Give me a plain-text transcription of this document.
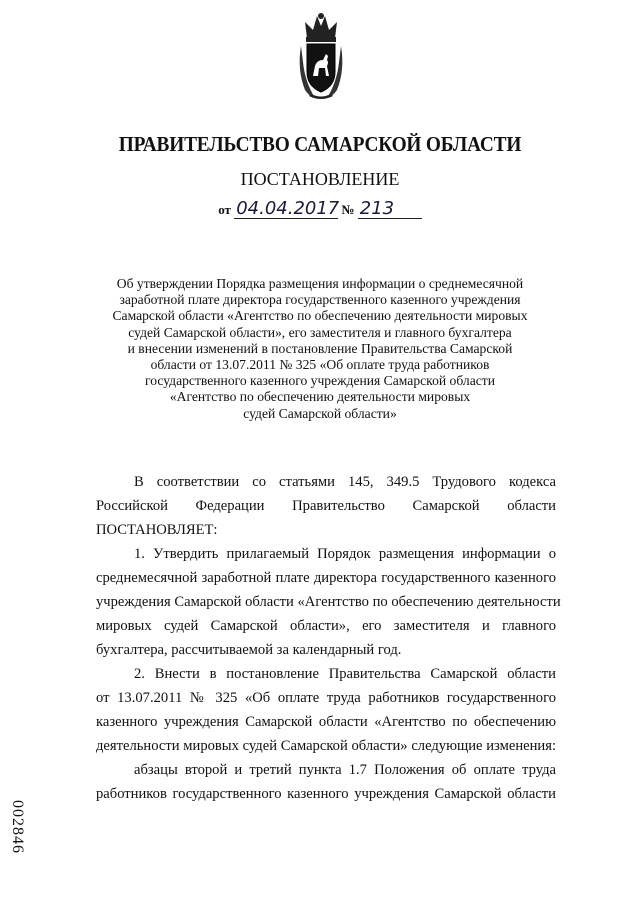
ПРАВИТЕЛЬСТВО САМАРСКОЙ ОБЛАСТИ
ПОСТАНОВЛЕНИЕ
от 04.04.2017 № 213
Об утверждении Порядка размещения информации о среднемесячной
заработной плате директора государственного казенного учреждения
Самарской области «Агентство по обеспечению деятельности мировых
судей Самарской области», его заместителя и главного бухгалтера
и внесении изменений в постановление Правительства Самарской
области от 13.07.2011 № 325 «Об оплате труда работников
государственного казенного учреждения Самарской области
«Агентство по обеспечению деятельности мировых
судей Самарской области»
В соответствии со статьями 145, 349.5 Трудового кодекса
Российской Федерации Правительство Самарской области
ПОСТАНОВЛЯЕТ:
1. Утвердить прилагаемый Порядок размещения информации о
среднемесячной заработной плате директора государственного казенного
учреждения Самарской области «Агентство по обеспечению деятельности
мировых судей Самарской области», его заместителя и главного
бухгалтера, рассчитываемой за календарный год.
2. Внести в постановление Правительства Самарской области
от 13.07.2011 № 325 «Об оплате труда работников государственного
казенного учреждения Самарской области «Агентство по обеспечению
деятельности мировых судей Самарской области» следующие изменения:
абзацы второй и третий пункта 1.7 Положения об оплате труда
работников государственного казенного учреждения Самарской области
002846
